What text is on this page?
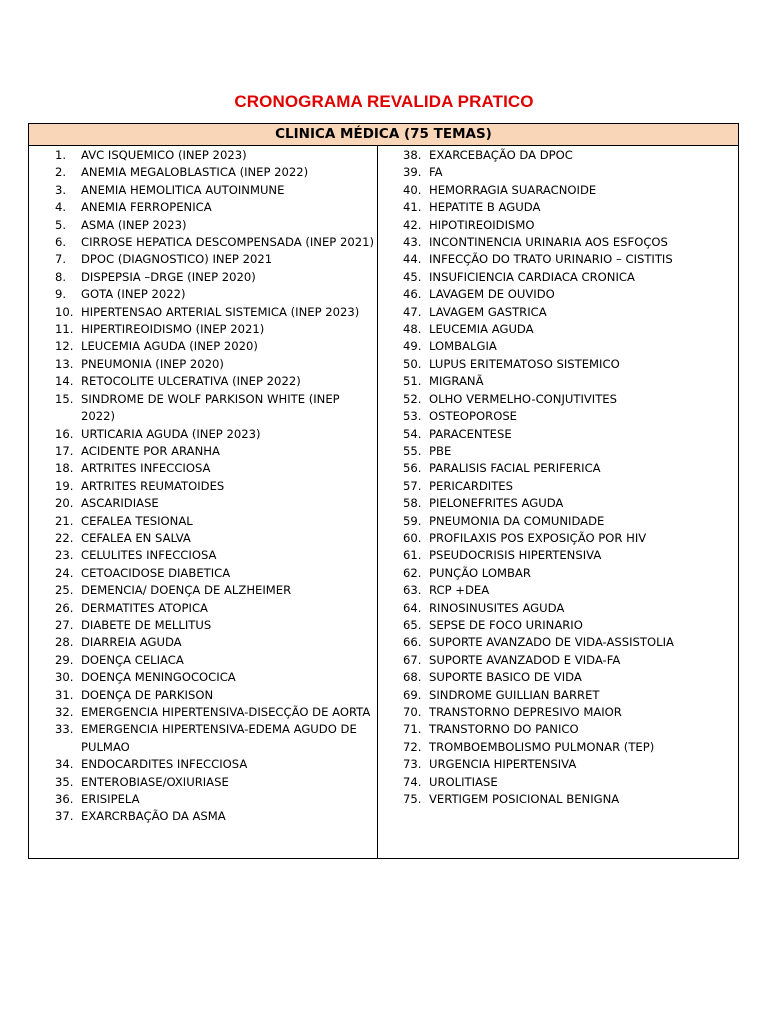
CRONOGRAMA REVALIDA PRATICO
CLINICA MÉDICA (75 TEMAS)
1.	AVC ISQUEMICO (INEP 2023)
2.	ANEMIA MEGALOBLASTICA (INEP 2022)
3.	ANEMIA HEMOLITICA AUTOINMUNE
4.	ANEMIA FERROPENICA
5.	ASMA (INEP 2023)
6.	CIRROSE HEPATICA DESCOMPENSADA (INEP 2021)
7.	DPOC (DIAGNOSTICO) INEP 2021
8.	DISPEPSIA –DRGE (INEP 2020)
9.	GOTA (INEP 2022)
10. HIPERTENSAO ARTERIAL SISTEMICA (INEP 2023)
11. HIPERTIREOIDISMO (INEP 2021)
12. LEUCEMIA AGUDA (INEP 2020)
13. PNEUMONIA (INEP 2020)
14. RETOCOLITE ULCERATIVA (INEP 2022)
15. SINDROME DE WOLF PARKISON WHITE (INEP 2022)
16. URTICARIA AGUDA (INEP 2023)
17. ACIDENTE POR ARANHA
18. ARTRITES INFECCIOSA
19. ARTRITES REUMATOIDES
20. ASCARIDIASE
21. CEFALEA TESIONAL
22. CEFALEA EN SALVA
23. CELULITES INFECCIOSA
24. CETOACIDOSE DIABETICA
25. DEMENCIA/ DOENÇA DE ALZHEIMER
26. DERMATITES ATOPICA
27. DIABETE DE MELLITUS
28. DIARREIA AGUDA
29. DOENÇA CELIACA
30. DOENÇA MENINGOCOCICA
31. DOENÇA DE PARKISON
32. EMERGENCIA HIPERTENSIVA-DISECÇÃO DE AORTA
33. EMERGENCIA HIPERTENSIVA-EDEMA AGUDO DE PULMAO
34. ENDOCARDITES INFECCIOSA
35. ENTEROBIASE/OXIURIASE
36. ERISIPELA
37. EXARCRBAÇÃO DA ASMA
38. EXARCEBAÇÃO DA DPOC
39. FA
40. HEMORRAGIA SUARACNOIDE
41. HEPATITE B AGUDA
42. HIPOTIREOIDISMO
43. INCONTINENCIA URINARIA AOS ESFOÇOS
44. INFECÇÃO DO TRATO URINARIO – CISTITIS
45. INSUFICIENCIA CARDIACA CRONICA
46. LAVAGEM DE OUVIDO
47. LAVAGEM GASTRICA
48. LEUCEMIA AGUDA
49. LOMBALGIA
50. LUPUS ERITEMATOSO SISTEMICO
51. MIGRANÃ
52. OLHO VERMELHO-CONJUTIVITES
53. OSTEOPOROSE
54. PARACENTESE
55. PBE
56. PARALISIS FACIAL PERIFERICA
57. PERICARDITES
58. PIELONEFRITES AGUDA
59. PNEUMONIA DA COMUNIDADE
60. PROFILAXIS POS EXPOSIÇÃO POR HIV
61. PSEUDOCRISIS HIPERTENSIVA
62. PUNÇÃO LOMBAR
63. RCP +DEA
64. RINOSINUSITES AGUDA
65. SEPSE DE FOCO URINARIO
66. SUPORTE AVANZADO DE VIDA-ASSISTOLIA
67. SUPORTE AVANZADOD E VIDA-FA
68. SUPORTE BASICO DE VIDA
69. SINDROME GUILLIAN BARRET
70. TRANSTORNO DEPRESIVO MAIOR
71. TRANSTORNO DO PANICO
72. TROMBOEMBOLISMO PULMONAR (TEP)
73. URGENCIA HIPERTENSIVA
74. UROLITIASE
75. VERTIGEM POSICIONAL BENIGNA
